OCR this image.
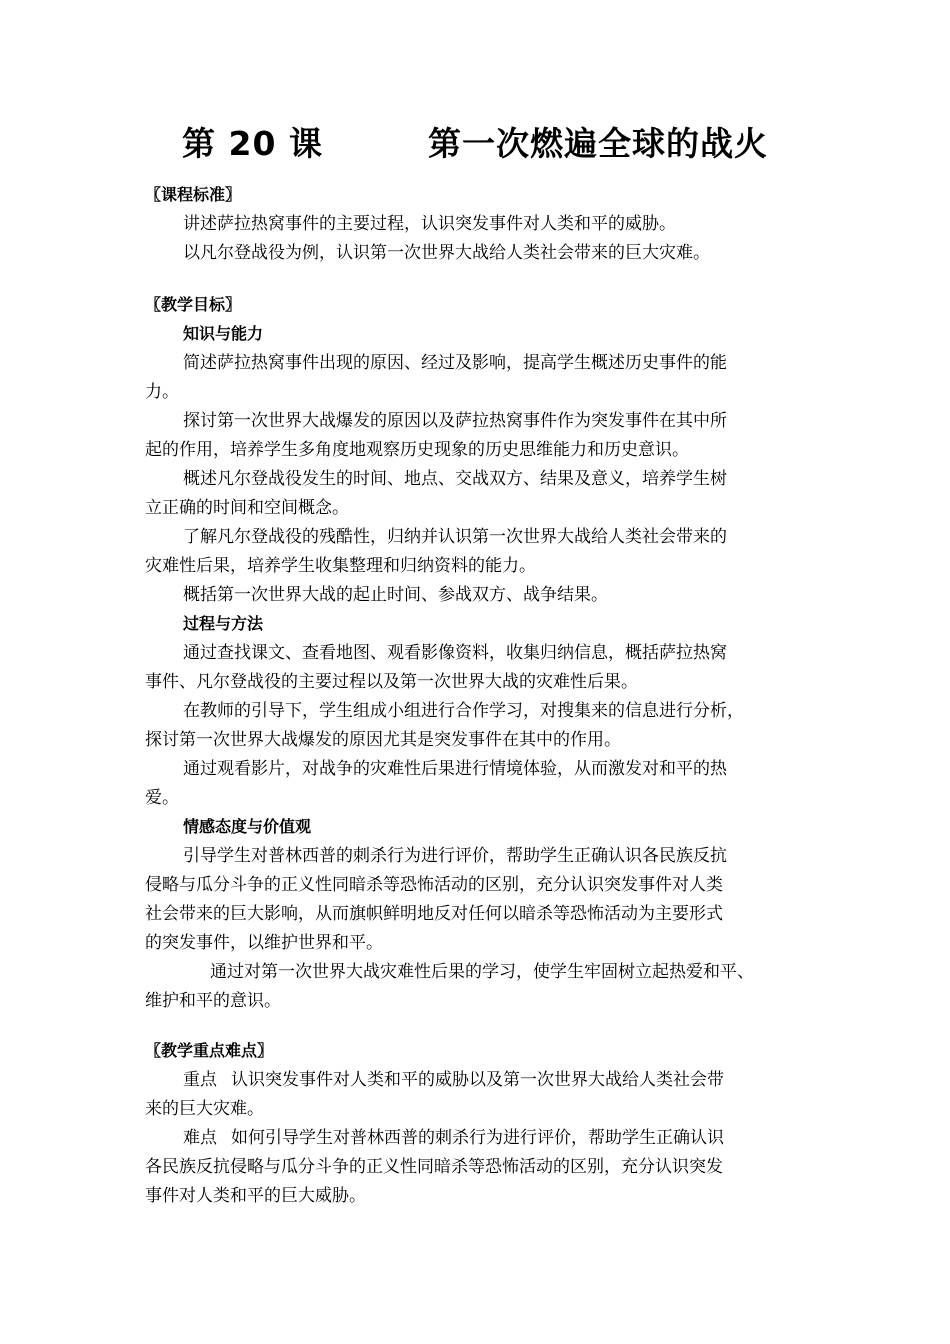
第 20 课	第一次燃遍全球的战火
〖课程标准〗
讲述萨拉热窝事件的主要过程，认识突发事件对人类和平的威胁。
以凡尔登战役为例，认识第一次世界大战给人类社会带来的巨大灾难。
〖教学目标〗
知识与能力
简述萨拉热窝事件出现的原因、经过及影响，提高学生概述历史事件的能
力。
探讨第一次世界大战爆发的原因以及萨拉热窝事件作为突发事件在其中所
起的作用，培养学生多角度地观察历史现象的历史思维能力和历史意识。
概述凡尔登战役发生的时间、地点、交战双方、结果及意义，培养学生树
立正确的时间和空间概念。
了解凡尔登战役的残酷性，归纳并认识第一次世界大战给人类社会带来的
灾难性后果，培养学生收集整理和归纳资料的能力。
概括第一次世界大战的起止时间、参战双方、战争结果。
过程与方法
通过查找课文、查看地图、观看影像资料，收集归纳信息，概括萨拉热窝
事件、凡尔登战役的主要过程以及第一次世界大战的灾难性后果。
在教师的引导下，学生组成小组进行合作学习，对搜集来的信息进行分析，
探讨第一次世界大战爆发的原因尤其是突发事件在其中的作用。
通过观看影片，对战争的灾难性后果进行情境体验，从而激发对和平的热
爱。
情感态度与价值观
引导学生对普林西普的刺杀行为进行评价，帮助学生正确认识各民族反抗
侵略与瓜分斗争的正义性同暗杀等恐怖活动的区别，充分认识突发事件对人类
社会带来的巨大影响，从而旗帜鲜明地反对任何以暗杀等恐怖活动为主要形式
的突发事件，以维护世界和平。
通过对第一次世界大战灾难性后果的学习，使学生牢固树立起热爱和平、
维护和平的意识。
〖教学重点难点〗
重点 认识突发事件对人类和平的威胁以及第一次世界大战给人类社会带
来的巨大灾难。
难点 如何引导学生对普林西普的刺杀行为进行评价，帮助学生正确认识
各民族反抗侵略与瓜分斗争的正义性同暗杀等恐怖活动的区别，充分认识突发
事件对人类和平的巨大威胁。
